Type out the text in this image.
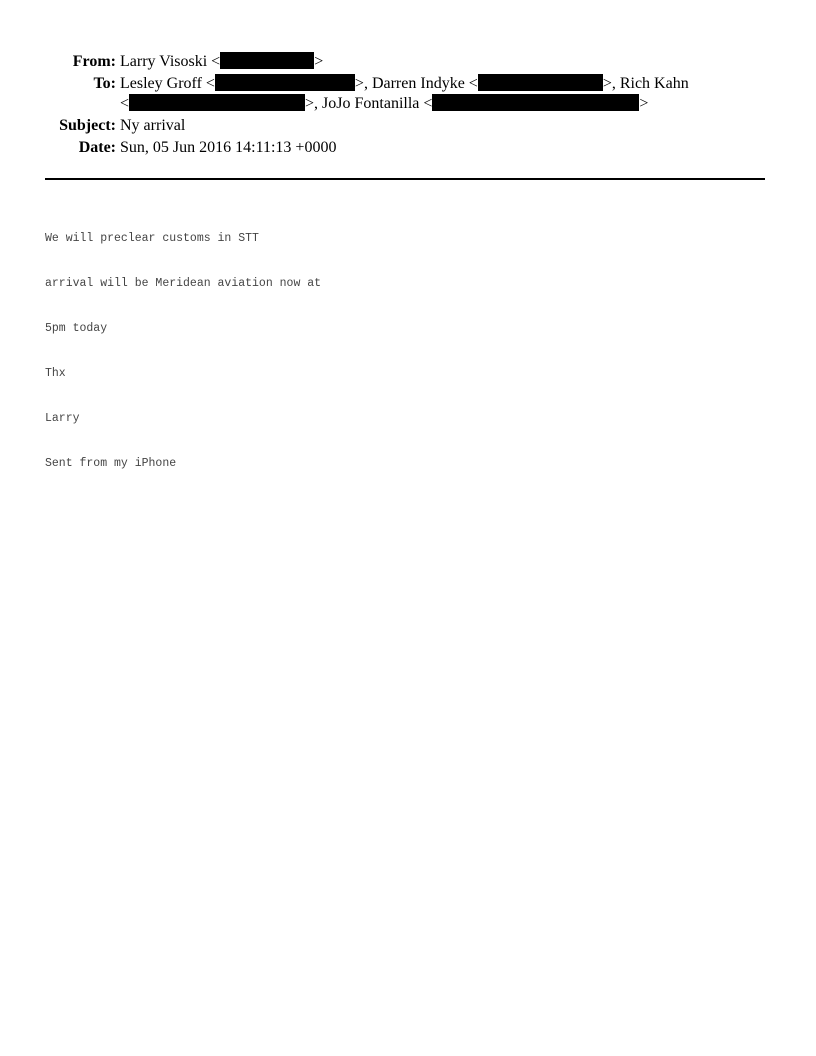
From: Larry Visoski <	>
To: Lesley Groff <	>, Darren Indyke <	>, Rich Kahn
<	>, JoJo Fontanilla <	>
Subject: Ny arrival
Date: Sun, 05 Jun 2016 14:11:13 +0000

We will preclear customs in STT

arrival will be Meridean aviation now at

5pm today

Thx

Larry

Sent from my iPhone
